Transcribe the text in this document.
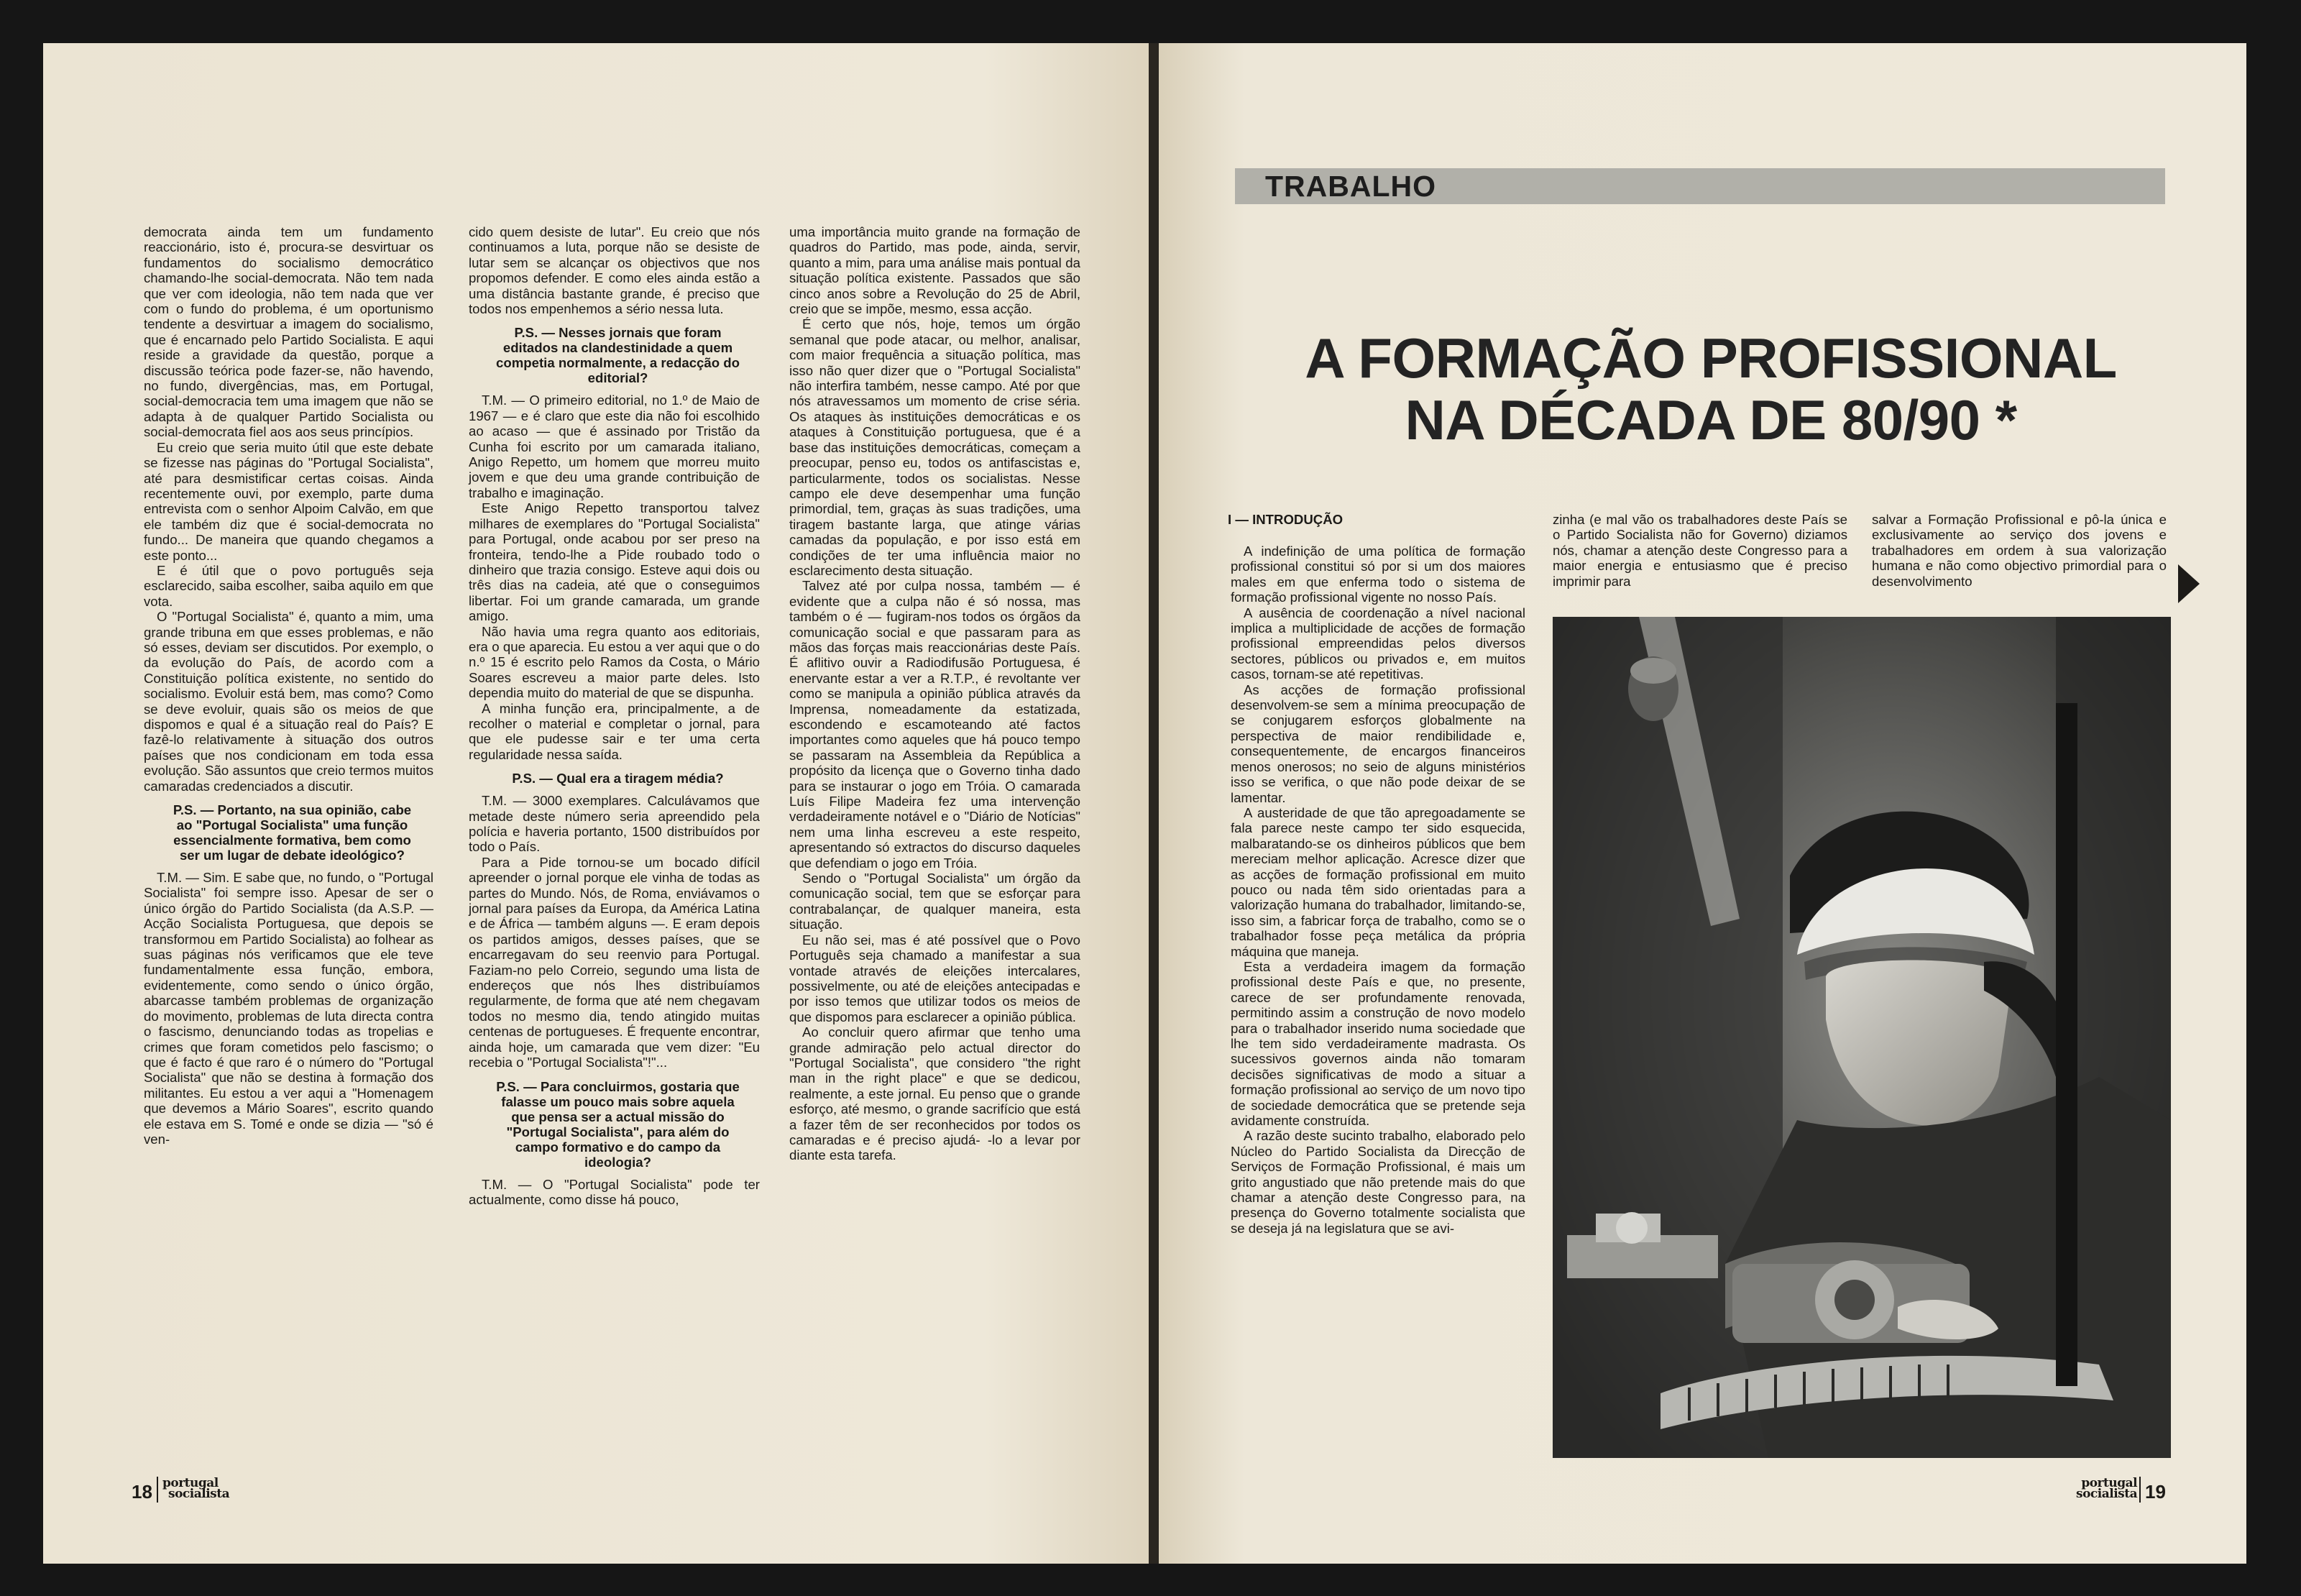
democrata ainda tem um fundamento reaccionário, isto é, procura-se desvirtuar os fundamentos do socialismo democrático chamando-lhe social-democrata. Não tem nada que ver com ideologia, não tem nada que ver com o fundo do problema, é um oportunismo tendente a desvirtuar a imagem do socialismo, que é encarnado pelo Partido Socialista. E aqui reside a gravidade da questão, porque a discussão teórica pode fazer-se, não havendo, no fundo, divergências, mas, em Portugal, social-democracia tem uma imagem que não se adapta à de qualquer Partido Socialista ou social-democrata fiel aos aos seus princípios.

Eu creio que seria muito útil que este debate se fizesse nas páginas do "Portugal Socialista", até para desmistificar certas coisas. Ainda recentemente ouvi, por exemplo, parte duma entrevista com o senhor Alpoim Calvão, em que ele também diz que é social-democrata no fundo... De maneira que quando chegamos a este ponto...

E é útil que o povo português seja esclarecido, saiba escolher, saiba aquilo em que vota.

O "Portugal Socialista" é, quanto a mim, uma grande tribuna em que esses problemas, e não só esses, deviam ser discutidos. Por exemplo, o da evolução do País, de acordo com a Constituição política existente, no sentido do socialismo. Evoluir está bem, mas como? Como se deve evoluir, quais são os meios de que dispomos e qual é a situação real do País? E fazê-lo relativamente à situação dos outros países que nos condicionam em toda essa evolução. São assuntos que creio termos muitos camaradas credenciados a discutir.

P.S. — Portanto, na sua opinião, cabe ao "Portugal Socialista" uma função essencialmente formativa, bem como ser um lugar de debate ideológico?

T.M. — Sim. E sabe que, no fundo, o "Portugal Socialista" foi sempre isso. Apesar de ser o único órgão do Partido Socialista (da A.S.P. — Acção Socialista Portuguesa, que depois se transformou em Partido Socialista) ao folhear as suas páginas nós verificamos que ele teve fundamentalmente essa função, embora, evidentemente, como sendo o único órgão, abarcasse também problemas de organização do movimento, problemas de luta directa contra o fascismo, denunciando todas as tropelias e crimes que foram cometidos pelo fascismo; o que é facto é que raro é o número do "Portugal Socialista" que não se destina à formação dos militantes. Eu estou a ver aqui a "Homenagem que devemos a Mário Soares", escrito quando ele estava em S. Tomé e onde se dizia — "só é ven-

cido quem desiste de lutar". Eu creio que nós continuamos a luta, porque não se desiste de lutar sem se alcançar os objectivos que nos propomos defender. E como eles ainda estão a uma distância bastante grande, é preciso que todos nos empenhemos a sério nessa luta.

P.S. — Nesses jornais que foram editados na clandestinidade a quem competia normalmente, a redacção do editorial?

T.M. — O primeiro editorial, no 1.º de Maio de 1967 — e é claro que este dia não foi escolhido ao acaso — que é assinado por Tristão da Cunha foi escrito por um camarada italiano, Anigo Repetto, um homem que morreu muito jovem e que deu uma grande contribuição de trabalho e imaginação.

Este Anigo Repetto transportou talvez milhares de exemplares do "Portugal Socialista" para Portugal, onde acabou por ser preso na fronteira, tendo-lhe a Pide roubado todo o dinheiro que trazia consigo. Esteve aqui dois ou três dias na cadeia, até que o conseguimos libertar. Foi um grande camarada, um grande amigo.

Não havia uma regra quanto aos editoriais, era o que aparecia. Eu estou a ver aqui que o do n.º 15 é escrito pelo Ramos da Costa, o Mário Soares escreveu a maior parte deles. Isto dependia muito do material de que se dispunha.

A minha função era, principalmente, a de recolher o material e completar o jornal, para que ele pudesse sair e ter uma certa regularidade nessa saída.

P.S. — Qual era a tiragem média?

T.M. — 3000 exemplares. Calculávamos que metade deste número seria apreendido pela polícia e haveria portanto, 1500 distribuídos por todo o País.

Para a Pide tornou-se um bocado difícil apreender o jornal porque ele vinha de todas as partes do Mundo. Nós, de Roma, enviávamos o jornal para países da Europa, da América Latina e de África — também alguns —. E eram depois os partidos amigos, desses países, que se encarregavam do seu reenvio para Portugal. Faziam-no pelo Correio, segundo uma lista de endereços que nós lhes distribuíamos regularmente, de forma que até nem chegavam todos no mesmo dia, tendo atingido muitas centenas de portugueses. É frequente encontrar, ainda hoje, um camarada que vem dizer: "Eu recebia o "Portugal Socialista"!"...

P.S. — Para concluirmos, gostaria que falasse um pouco mais sobre aquela que pensa ser a actual missão do "Portugal Socialista", para além do campo formativo e do campo da ideologia?

T.M. — O "Portugal Socialista" pode ter actualmente, como disse há pouco,

uma importância muito grande na formação de quadros do Partido, mas pode, ainda, servir, quanto a mim, para uma análise mais pontual da situação política existente. Passados que são cinco anos sobre a Revolução do 25 de Abril, creio que se impõe, mesmo, essa acção.

É certo que nós, hoje, temos um órgão semanal que pode atacar, ou melhor, analisar, com maior frequência a situação política, mas isso não quer dizer que o "Portugal Socialista" não interfira também, nesse campo. Até por que nós atravessamos um momento de crise séria. Os ataques às instituições democráticas e os ataques à Constituição portuguesa, que é a base das instituições democráticas, começam a preocupar, penso eu, todos os antifascistas e, particularmente, todos os socialistas. Nesse campo ele deve desempenhar uma função primordial, tem, graças às suas tradições, uma tiragem bastante larga, que atinge várias camadas da população, e por isso está em condições de ter uma influência maior no esclarecimento desta situação.

Talvez até por culpa nossa, também — é evidente que a culpa não é só nossa, mas também o é — fugiram-nos todos os órgãos da comunicação social e que passaram para as mãos das forças mais reaccionárias deste País. É aflitivo ouvir a Radiodifusão Portuguesa, é enervante estar a ver a R.T.P., é revoltante ver como se manipula a opinião pública através da Imprensa, nomeadamente da estatizada, escondendo e escamoteando até factos importantes como aqueles que há pouco tempo se passaram na Assembleia da República a propósito da licença que o Governo tinha dado para se instaurar o jogo em Tróia. O camarada Luís Filipe Madeira fez uma intervenção verdadeiramente notável e o "Diário de Notícias" nem uma linha escreveu a este respeito, apresentando só extractos do discurso daqueles que defendiam o jogo em Tróia.

Sendo o "Portugal Socialista" um órgão da comunicação social, tem que se esforçar para contrabalançar, de qualquer maneira, esta situação.

Eu não sei, mas é até possível que o Povo Português seja chamado a manifestar a sua vontade através de eleições intercalares, possivelmente, ou até de eleições antecipadas e por isso temos que utilizar todos os meios de que dispomos para esclarecer a opinião pública.

Ao concluir quero afirmar que tenho uma grande admiração pelo actual director do "Portugal Socialista", que considero "the right man in the right place" e que se dedicou, realmente, a este jornal. Eu penso que o grande esforço, até mesmo, o grande sacrifício que está a fazer têm de ser reconhecidos por todos os camaradas e é preciso ajudá- -lo a levar por diante esta tarefa.

18 portugal
socialista
TRABALHO
A FORMAÇÃO PROFISSIONAL
NA DÉCADA DE 80/90 *
I — INTRODUÇÃO

A indefinição de uma política de formação profissional constitui só por si um dos maiores males em que enferma todo o sistema de formação profissional vigente no nosso País.

A ausência de coordenação a nível nacional implica a multiplicidade de acções de formação profissional empreendidas pelos diversos sectores, públicos ou privados e, em muitos casos, tornam-se até repetitivas.

As acções de formação profissional desenvolvem-se sem a mínima preocupação de se conjugarem esforços globalmente na perspectiva de maior rendibilidade e, consequentemente, de encargos financeiros menos onerosos; no seio de alguns ministérios isso se verifica, o que não pode deixar de se lamentar.

A austeridade de que tão apregoadamente se fala parece neste campo ter sido esquecida, malbaratando-se os dinheiros públicos que bem mereciam melhor aplicação. Acresce dizer que as acções de formação profissional em muito pouco ou nada têm sido orientadas para a valorização humana do trabalhador, limitando-se, isso sim, a fabricar força de trabalho, como se o trabalhador fosse peça metálica da própria máquina que maneja.

Esta a verdadeira imagem da formação profissional deste País e que, no presente, carece de ser profundamente renovada, permitindo assim a construção de novo modelo para o trabalhador inserido numa sociedade que lhe tem sido verdadeiramente madrasta. Os sucessivos governos ainda não tomaram decisões significativas de modo a situar a formação profissional ao serviço de um novo tipo de sociedade democrática que se pretende seja avidamente construída.

A razão deste sucinto trabalho, elaborado pelo Núcleo do Partido Socialista da Direcção de Serviços de Formação Profissional, é mais um grito angustiado que não pretende mais do que chamar a atenção deste Congresso para, na presença do Governo totalmente socialista que se deseja já na legislatura que se avi-

zinha (e mal vão os trabalhadores deste País se o Partido Socialista não for Governo) diziamos nós, chamar a atenção deste Congresso para a maior energia e entusiasmo que é preciso imprimir para

salvar a Formação Profissional e pô-la única e exclusivamente ao serviço dos jovens e trabalhadores em ordem à sua valorização humana e não como objectivo primordial para o desenvolvimento

portugal
socialista 19
